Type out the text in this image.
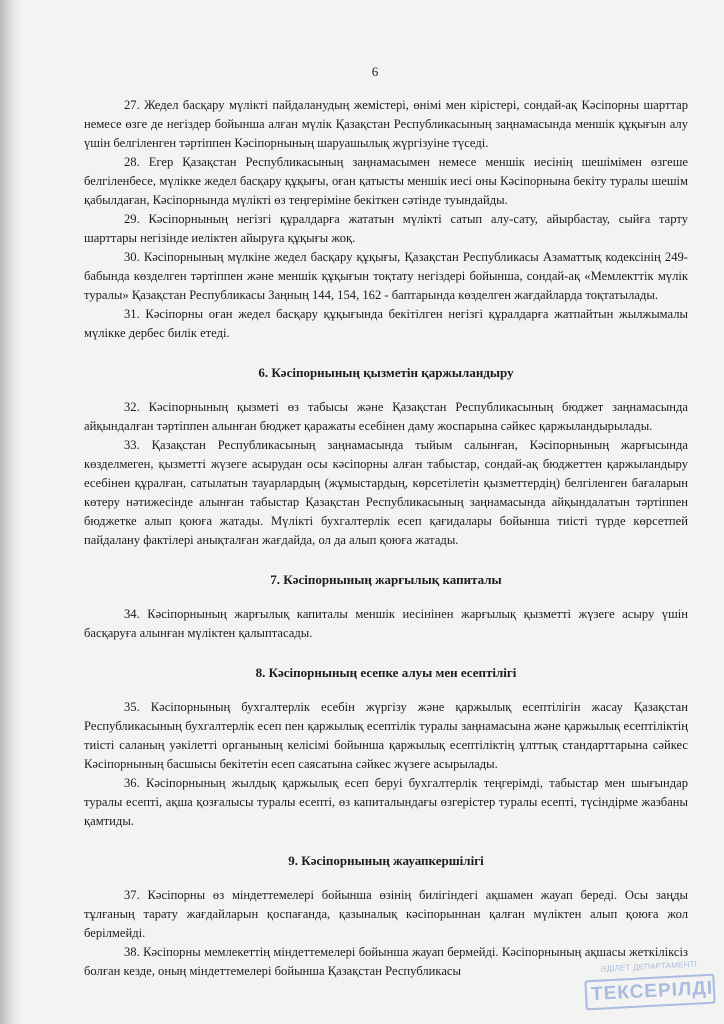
6

27. Жедел басқару мүлікті пайдаланудың жемістері, өнімі мен кірістері, сондай-ақ Кәсіпорны шарттар немесе өзге де негіздер бойынша алған мүлік Қазақстан Республикасының заңнамасында меншік құқығын алу үшін белгіленген тәртіппен Кәсіпорнының шаруашылық жүргізуіне түседі.

28. Егер Қазақстан Республикасының заңнамасымен немесе меншік иесінің шешімімен өзгеше белгіленбесе, мүлікке жедел басқару құқығы, оған қатысты меншік иесі оны Кәсіпорнына бекіту туралы шешім қабылдаған, Кәсіпорнында мүлікті өз теңгеріміне бекіткен сәтінде туындайды.

29. Кәсіпорнының негізгі құралдарға жататын мүлікті сатып алу-сату, айырбастау, сыйға тарту шарттары негізінде иеліктен айыруға құқығы жоқ.

30. Кәсіпорнының мүлкіне жедел басқару құқығы, Қазақстан Республикасы Азаматтық кодексінің 249-бабында көзделген тәртіппен және меншік құқығын тоқтату негіздері бойынша, сондай-ақ «Мемлекттік мүлік туралы» Қазақстан Республикасы Заңның 144, 154, 162 - баптарында көзделген жағдайларда тоқтатылады.

31. Кәсіпорны оған жедел басқару құқығында бекітілген негізгі құралдарға жатпайтын жылжымалы мүлікке дербес билік етеді.

6. Кәсіпорнының қызметін қаржыландыру

32. Кәсіпорнының қызметі өз табысы және Қазақстан Республикасының бюджет заңнамасында айқындалған тәртіппен алынған бюджет қаражаты есебінен даму жоспарына сәйкес қаржыландырылады.

33. Қазақстан Республикасының заңнамасында тыйым салынған, Кәсіпорнының жарғысында көзделмеген, қызметті жүзеге асырудан осы кәсіпорны алған табыстар, сондай-ақ бюджеттен қаржыландыру есебінен құралған, сатылатын тауарлардың (жұмыстардың, көрсетілетін қызметтердің) белгіленген бағаларын көтеру нәтижесінде алынған табыстар Қазақстан Республикасының заңнамасында айқындалатын тәртіппен бюджетке алып қоюға жатады. Мүлікті бухгалтерлік есеп қағидалары бойынша тиісті түрде көрсетпей пайдалану фактілері анықталған жағдайда, ол да алып қоюға жатады.

7. Кәсіпорнының жарғылық капиталы

34. Кәсіпорнының жарғылық капиталы меншік иесінінен жарғылық қызметті жүзеге асыру үшін басқаруға алынған мүліктен қалыптасады.

8. Кәсіпорнының есепке алуы мен есептілігі

35. Кәсіпорнының бухгалтерлік есебін жүргізу және қаржылық есептілігін жасау Қазақстан Республикасының бухгалтерлік есеп пен қаржылық есептілік туралы заңнамасына және қаржылық есептіліктің тиісті саланың уәкілетті органының келісімі бойынша қаржылық есептіліктің ұлттық стандарттарына сәйкес Кәсіпорнының басшысы бекітетін есеп саясатына сәйкес жүзеге асырылады.

36. Кәсіпорнының жылдық қаржылық есеп беруі бухгалтерлік теңгерімді, табыстар мен шығындар туралы есепті, ақша қозғалысы туралы есепті, өз капиталындағы өзгерістер туралы есепті, түсіндірме жазбаны қамтиды.

9. Кәсіпорнының жауапкершілігі

37. Кәсіпорны өз міндеттемелері бойынша өзінің билігіндегі ақшамен жауап береді. Осы заңды тұлғаның тарату жағдайларын қоспағанда, қазыналық кәсіпорыннан қалған мүліктен алып қоюға жол берілмейді.

38. Кәсіпорны мемлекеттің міндеттемелері бойынша жауап бермейді. Кәсіпорнының ақшасы жеткіліксіз болған кезде, оның міндеттемелері бойынша Қазақстан Республикасы	ӘДІЛЕТ ДЕПАРТАМЕНТІ
ТЕКСЕРІЛДІ
